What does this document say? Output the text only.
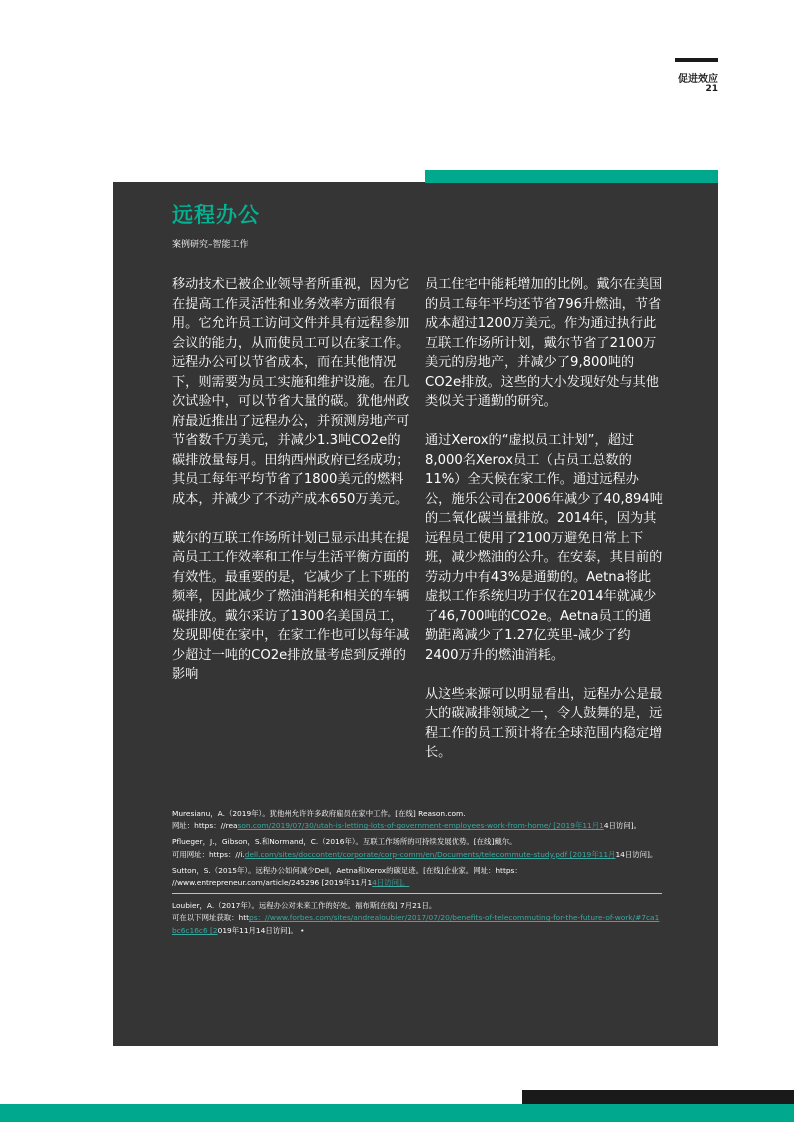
促进效应
21
远程办公
案例研究–智能工作

移动技术已被企业领导者所重视，因为它在提高工作灵活性和业务效率方面很有用。它允许员工访问文件并具有远程参加会议的能力，从而使员工可以在家工作。远程办公可以节省成本，而在其他情况下，则需要为员工实施和维护设施。在几次试验中，可以节省大量的碳。犹他州政府最近推出了远程办公，并预测房地产可节省数千万美元，并减少1.3吨CO2e的碳排放量每月。田纳西州政府已经成功；其员工每年平均节省了1800美元的燃料成本，并减少了不动产成本650万美元。

戴尔的互联工作场所计划已显示出其在提高员工工作效率和工作与生活平衡方面的有效性。最重要的是，它减少了上下班的频率，因此减少了燃油消耗和相关的车辆碳排放。戴尔采访了1300名美国员工，发现即使在家中，在家工作也可以每年减少超过一吨的CO2e排放量考虑到反弹的影响

员工住宅中能耗增加的比例。戴尔在美国的员工每年平均还节省796升燃油，节省成本超过1200万美元。作为通过执行此互联工作场所计划，戴尔节省了2100万美元的房地产，并减少了9,800吨的CO2e排放。这些的大小发现好处与其他类似关于通勤的研究。

通过Xerox的“虚拟员工计划”，超过8,000名Xerox员工（占员工总数的11%）全天候在家工作。通过远程办公，施乐公司在2006年减少了40,894吨的二氧化碳当量排放。2014年，因为其远程员工使用了2100万避免日常上下班，减少燃油的公升。在安泰，其目前的劳动力中有43%是通勤的。Aetna将此虚拟工作系统归功于仅在2014年就减少了46,700吨的CO2e。Aetna员工的通勤距离减少了1.27亿英里-减少了约2400万升的燃油消耗。

从这些来源可以明显看出，远程办公是最大的碳减排领域之一，令人鼓舞的是，远程工作的员工预计将在全球范围内稳定增长。

Muresianu，A.（2019年）。犹他州允许许多政府雇员在家中工作。[在线] Reason.com.
网址：https：//reason.com/2019/07/30/utah-is-letting-lots-of-government-employees-work-from-home/ [2019年11月14日访问]。
Pflueger，J.，Gibson，S.和Normand，C.（2016年）。互联工作场所的可持续发展优势。[在线]戴尔。
可用网址：https：//i.dell.com/sites/doccontent/corporate/corp-comm/en/Documents/telecommute-study.pdf [2019年11月14日访问]。
Sutton，S.（2015年）。远程办公如何减少Dell，Aetna和Xerox的碳足迹。[在线]企业家。网址：https：
//www.entrepreneur.com/article/245296 [2019年11月14日访问]。
Loubier，A.（2017年）。远程办公对未来工作的好处。福布斯[在线] 7月21日。
可在以下网址获取：https：//www.forbes.com/sites/andrealoubier/2017/07/20/benefits-of-telecommuting-for-the-future-of-work/#7ca1bc6c16c6 [2019年11月14日访问]。 •
